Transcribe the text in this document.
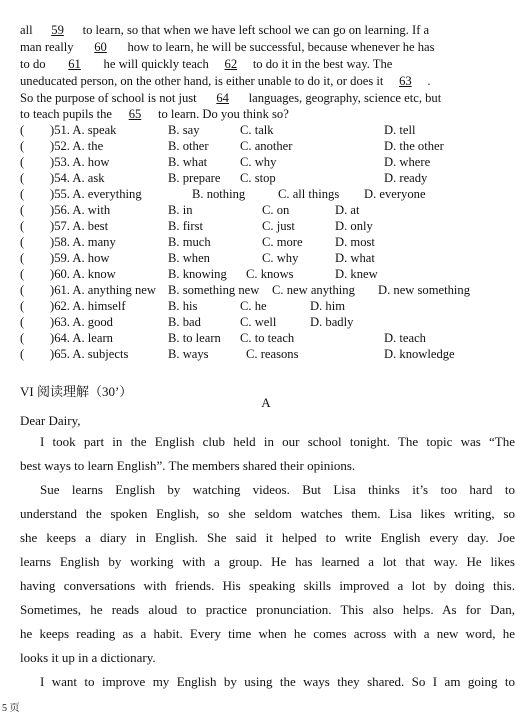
all 59 to learn, so that when we have left school we can go on learning. If a
man really 60 how to learn, he will be successful, because whenever he has
to do 61 he will quickly teach 62 to do it in the best way. The
uneducated person, on the other hand, is either unable to do it, or does it 63 .
So the purpose of school is not just 64 languages, geography, science etc, but
to teach pupils the 65 to learn. Do you think so?
( )51. A. speak	B. say	C. talk	D. tell
( )52. A. the	B. other C. another	D. the other
( )53. A. how	B. what	C. why	D. where
( )54. A. ask	B. prepare C. stop	D. ready
( )55. A. everything	B. nothing	C. all things D. everyone
( )56. A. with	B. in	C. on	D. at
( )57. A. best	B. first	C. just	D. only
( )58. A. many	B. much	C. more	D. most
( )59. A. how	B. when	C. why	D. what
( )60. A. know	B. knowing C. knows	D. knew
( )61. A. anything new B. something new C. new anything D. new something
( )62. A. himself	B. his	C. he	D. him
( )63. A. good	B. bad	C. well	D. badly
( )64. A. learn	B. to learn C. to teach	D. teach
( )65. A. subjects	B. ways	C. reasons	D. knowledge
VI 阅读理解（30’）
A
Dear Dairy,
I took part in the English club held in our school tonight. The topic was “The
best ways to learn English”. The members shared their opinions.
Sue learns English by watching videos. But Lisa thinks it’s too hard to
understand the spoken English, so she seldom watches them. Lisa likes writing, so
she keeps a diary in English. She said it helped to write English every day. Joe
learns English by working with a group. He has learned a lot that way. He likes
having conversations with friends. His speaking skills improved a lot by doing this.
Sometimes, he reads aloud to practice pronunciation. This also helps. As for Dan,
he keeps reading as a habit. Every time when he comes across with a new word, he
looks it up in a dictionary.
I want to improve my English by using the ways they shared. So I am going to
5 页
